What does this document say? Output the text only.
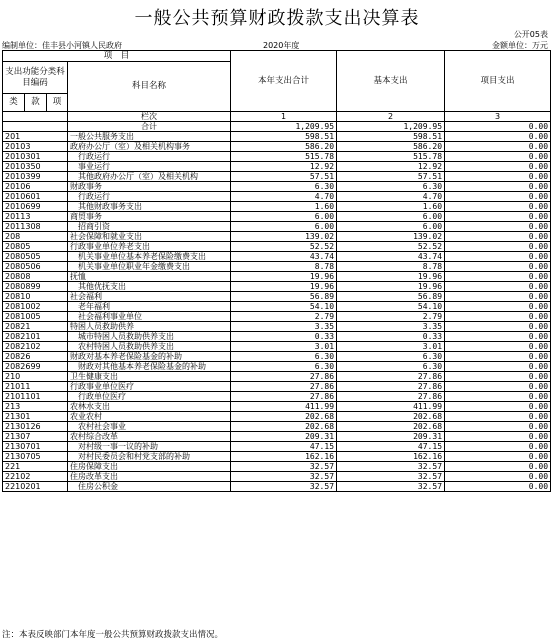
一般公共预算财政拨款支出决算表
公开05表
编制单位：佳丰县小河镇人民政府	2020年度	金额单位：万元
项　目				本年支出合计	基本支出	项目支出
支出功能分类科目编码			科目名称			
类	款	项				
			栏次	1	2	3
			合计	1,209.95	1,209.95	0.00
201			一般公共服务支出	598.51	598.51	0.00
20103			政府办公厅（室）及相关机构事务	586.20	586.20	0.00
2010301			　行政运行	515.78	515.78	0.00
2010350			　事业运行	12.92	12.92	0.00
2010399			　其他政府办公厅（室）及相关机构	57.51	57.51	0.00
20106			财政事务	6.30	6.30	0.00
2010601			　行政运行	4.70	4.70	0.00
2010699			　其他财政事务支出	1.60	1.60	0.00
20113			商贸事务	6.00	6.00	0.00
2011308			　招商引资	6.00	6.00	0.00
208			社会保障和就业支出	139.02	139.02	0.00
20805			行政事业单位养老支出	52.52	52.52	0.00
2080505			　机关事业单位基本养老保险缴费支出	43.74	43.74	0.00
2080506			　机关事业单位职业年金缴费支出	8.78	8.78	0.00
20808			抚恤	19.96	19.96	0.00
2080899			　其他优抚支出	19.96	19.96	0.00
20810			社会福利	56.89	56.89	0.00
2081002			　老年福利	54.10	54.10	0.00
2081005			　社会福利事业单位	2.79	2.79	0.00
20821			特困人员救助供养	3.35	3.35	0.00
2082101			　城市特困人员救助供养支出	0.33	0.33	0.00
2082102			　农村特困人员救助供养支出	3.01	3.01	0.00
20826			财政对基本养老保险基金的补助	6.30	6.30	0.00
2082699			　财政对其他基本养老保险基金的补助	6.30	6.30	0.00
210			卫生健康支出	27.86	27.86	0.00
21011			行政事业单位医疗	27.86	27.86	0.00
2101101			　行政单位医疗	27.86	27.86	0.00
213			农林水支出	411.99	411.99	0.00
21301			农业农村	202.68	202.68	0.00
2130126			　农村社会事业	202.68	202.68	0.00
21307			农村综合改革	209.31	209.31	0.00
2130701			　对村级一事一议的补助	47.15	47.15	0.00
2130705			　对村民委员会和村党支部的补助	162.16	162.16	0.00
221			住房保障支出	32.57	32.57	0.00
22102			住房改革支出	32.57	32.57	0.00
2210201			　住房公积金	32.57	32.57	0.00
注：本表反映部门本年度一般公共预算财政拨款支出情况。
